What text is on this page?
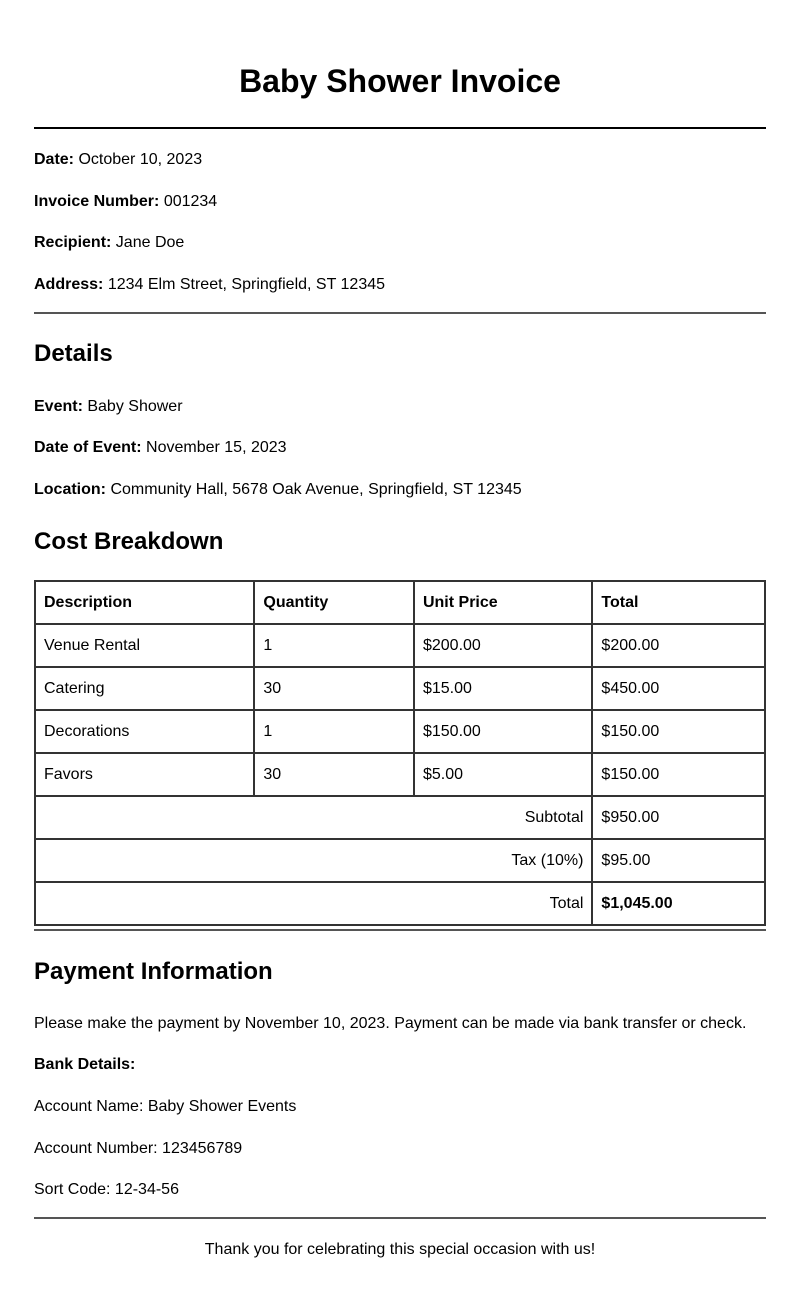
Baby Shower Invoice
Date: October 10, 2023
Invoice Number: 001234
Recipient: Jane Doe
Address: 1234 Elm Street, Springfield, ST 12345
Details
Event: Baby Shower
Date of Event: November 15, 2023
Location: Community Hall, 5678 Oak Avenue, Springfield, ST 12345
Cost Breakdown
Description	Quantity	Unit Price	Total
Venue Rental	1	$200.00	$200.00
Catering	30	$15.00	$450.00
Decorations	1	$150.00	$150.00
Favors	30	$5.00	$150.00
Subtotal			$950.00
Tax (10%)			$95.00
Total			$1,045.00
Payment Information
Please make the payment by November 10, 2023. Payment can be made via bank transfer or check.
Bank Details:
Account Name: Baby Shower Events
Account Number: 123456789
Sort Code: 12-34-56
Thank you for celebrating this special occasion with us!
